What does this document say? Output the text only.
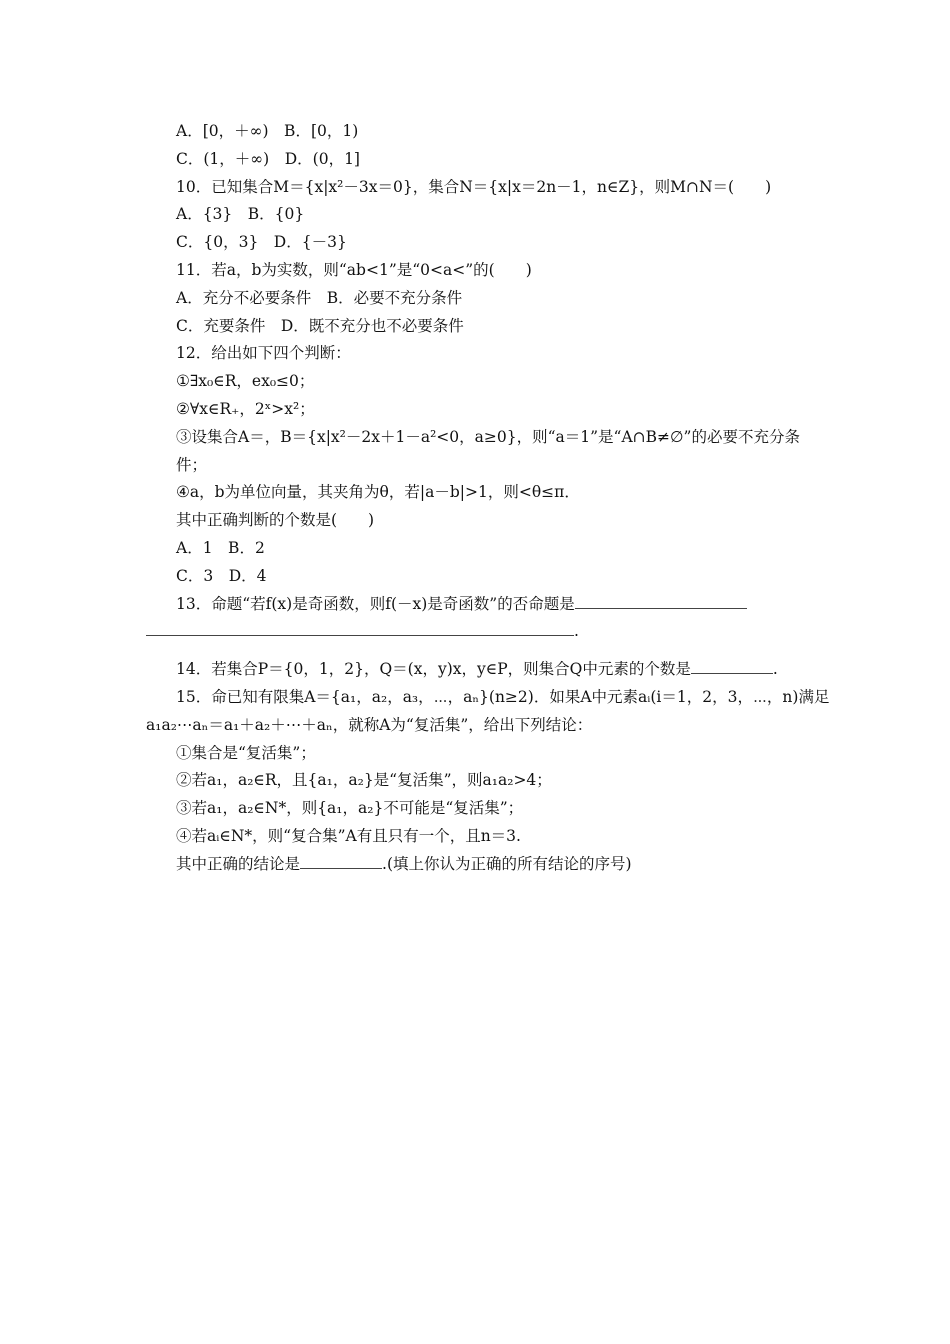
A．[0，＋∞)　B．[0，1)
C．(1，＋∞)　D．(0，1]
10．已知集合M＝{x|x²－3x＝0}，集合N＝{x|x＝2n－1，n∈Z}，则M∩N＝(　　)
A．{3}　B．{0}
C．{0，3}　D．{－3}
11．若a，b为实数，则“ab<1”是“0<a<”的(　　)
A．充分不必要条件　B．必要不充分条件
C．充要条件　D．既不充分也不必要条件
12．给出如下四个判断：
①∃x₀∈R，ex₀≤0；
②∀x∈R₊，2ˣ>x²；
③设集合A＝，B＝{x|x²－2x＋1－a²<0，a≥0}，则“a＝1”是“A∩B≠∅”的必要不充分条件；
④a，b为单位向量，其夹角为θ，若|a－b|>1，则<θ≤π．
其中正确判断的个数是(　　)
A．1　B．2
C．3　D．4
13．命题“若f(x)是奇函数，则f(－x)是奇函数”的否命题是
.
14．若集合P＝{0，1，2}，Q＝(x，y)x，y∈P，则集合Q中元素的个数是	.
15．命已知有限集A＝{a₁，a₂，a₃，⋯，aₙ}(n≥2)．如果A中元素aᵢ(i＝1，2，3，⋯，n)满足
a₁a₂⋯aₙ＝a₁＋a₂＋⋯＋aₙ，就称A为“复活集”，给出下列结论：
①集合是“复活集”；
②若a₁，a₂∈R，且{a₁，a₂}是“复活集”，则a₁a₂>4；
③若a₁，a₂∈N*，则{a₁，a₂}不可能是“复活集”；
④若aᵢ∈N*，则“复合集”A有且只有一个，且n＝3.
其中正确的结论是	.(填上你认为正确的所有结论的序号)
